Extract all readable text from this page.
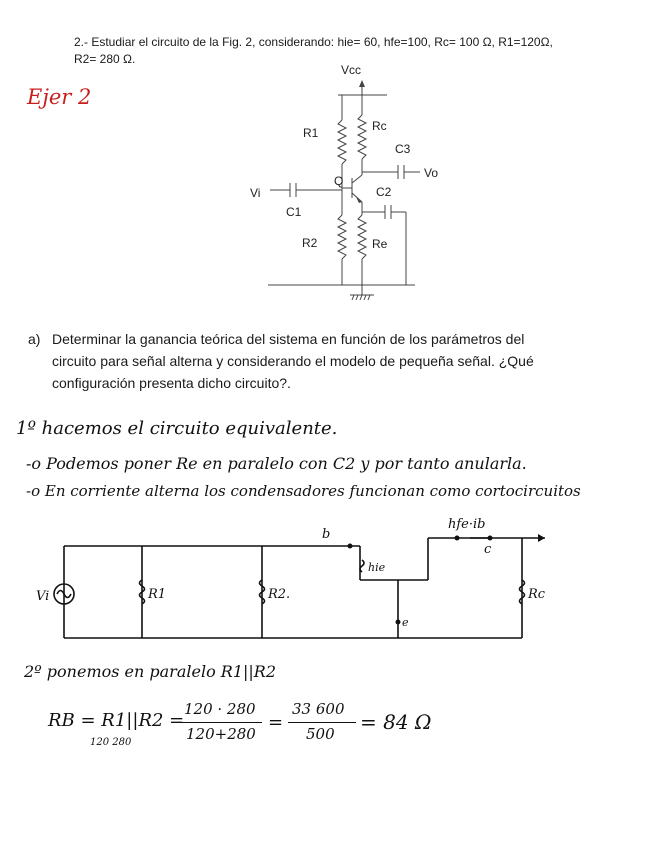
2.- Estudiar el circuito de la Fig. 2, considerando: hie= 60, hfe=100, Rc= 100 Ω, R1=120Ω,
R2= 280 Ω.
Ejer 2
Vcc
R1	Rc
C3
Vo
Q
C2
Vi
C1
R2	Re
a) Determinar la ganancia teórica del sistema en función de los parámetros del
circuito para señal alterna y considerando el modelo de pequeña señal. ¿Qué
configuración presenta dicho circuito?.
1º hacemos el circuito equivalente.
-o Podemos poner Re en paralelo con C2 y por tanto anularla.
-o En corriente alterna los condensadores funcionan como cortocircuitos
Vi	R1	R2.
b
hie
hfe·ib
c
e
Rc
2º ponemos en paralelo R1||R2
RB = R1||R2 =
120 280
120 · 280
120+280
=
33 600
500 = 84 Ω
